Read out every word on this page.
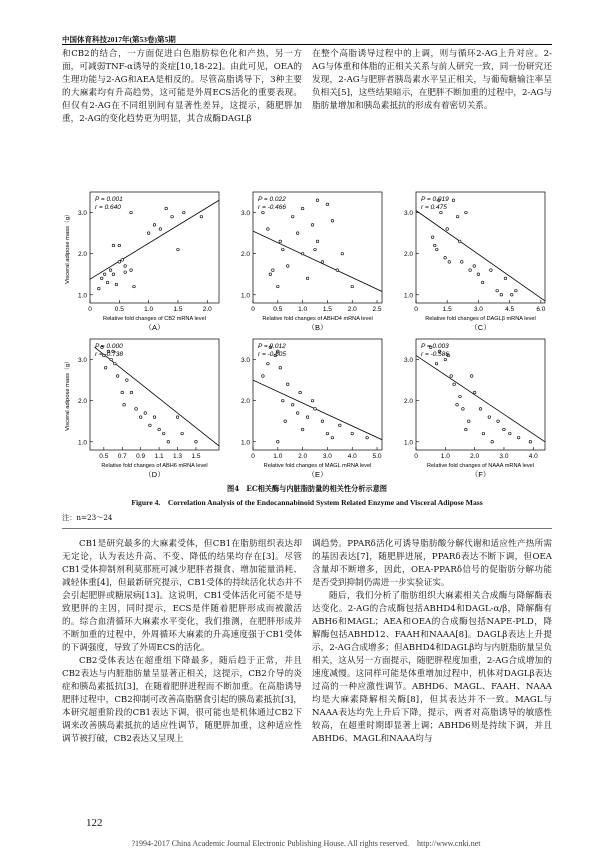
中国体育科技2017年(第53卷)第5期

和CB2的结合，一方面促进白色脂肪棕色化和产热，另一方面，可减弱TNF-α诱导的炎症[10,18-22]。由此可见，OEA的生理功能与2-AG和AEA是相反的。尽管高脂诱导下，3种主要的大麻素均有升高趋势，这可能是外周ECS活化的重要表现。但仅有2-AG在不同组别间有显著性差异，这提示，随肥胖加重，2-AG的变化趋势更为明显，其合成酶DAGLβ

在整个高脂诱导过程中的上调，则与循环2-AG上升对应。2-AG与体重和体脂的正相关关系与前人研究一致，同一份研究还发现，2-AG与肥胖者胰岛素水平呈正相关，与葡萄糖输注率呈负相关[5]，这些结果暗示，在肥胖不断加重的过程中，2-AG与脂肪量增加和胰岛素抵抗的形成有着密切关系。

1.0
2.0
3.0
0	0.5	1.0	1.5	2.0
P = 0.001
r = 0.640
Relative fold changes of CB2 mRNA level
（A）
Visceral adipose mass（g）
1.0
2.0
3.0
0	0.5 1.0 1.5 2.0 2.5
P = 0.022
r = -0.466
Relative fold changes of ABHD4 mRNA level
（B）
1.0
2.0
3.0
0	1.5	3.0	4.5	6.0
P = 0.019
r = 0.475
Relative fold changes of DAGLβ mRNA level
（C）
1.0
2.0
3.0
0.5 0.7 0.9 1.1 1.3 1.5
P = 0.000
r = -0.738
Relative fold changes of ABH6 mRNA level
（D）
Visceral adipose mass（g）
1.0
2.0
3.0
0	1.0 2.0 3.0 4.0 5.0
P = 0.012
r = -0.505
Relative fold changes of MAGL mRNA level
（E）
1.0
2.0
3.0
0	1.0	2.0	3.0	4.0
P = 0.003
r = -0.586
Relative fold changes of NAAA mRNA level
（F）
图4　EC相关酶与内脏脂肪量的相关性分析示意图
Figure 4.　Correlation Analysis of the Endocannabinoid System Related Enzyme and Visceral Adipose Mass
注：n=23～24

CB1是研究最多的大麻素受体，但CB1在脂肪组织表达却无定论，认为表达升高、不变、降低的结果均存在[3]。尽管CB1受体抑制剂利莫那班可减少肥胖者摄食、增加能量消耗、减轻体重[4]，但最新研究提示，CB1受体的持续活化状态并不会引起肥胖或糖尿病[13]。这说明，CB1受体活化可能不是导致肥胖的主因，同时提示，ECS是伴随着肥胖形成而被激活的。综合血清循环大麻素水平变化，我们推测，在肥胖形成并不断加重的过程中，外周循环大麻素的升高速度强于CB1受体的下调强度，导致了外周ECS的活化。

CB2受体表达在超重组下降最多，随后趋于正常，并且CB2表达与内脏脂肪量呈显著正相关，这提示，CB2介导的炎症和胰岛素抵抗[3]，在随着肥胖进程而不断加重。在高脂诱导肥胖过程中，CB2抑制可改善高脂膳食引起的胰岛素抵抗[3]，本研究超重阶段的CB1表达下调，很可能也是机体通过CB2下调来改善胰岛素抵抗的适应性调节，随肥胖加重，这种适应性调节被打破，CB2表达又呈现上

调趋势。PPARδ活化可诱导脂肪酸分解代谢和适应性产热所需的基因表达[7]，随肥胖进展，PPARδ表达不断下调，但OEA含量却不断增多，因此，OEA-PPARδ信号的促脂肪分解功能是否受到抑制仍需进一步实验证实。

随后，我们分析了脂肪组织大麻素相关合成酶与降解酶表达变化。2-AG的合成酶包括ABHD4和DAGL-α/β，降解酶有ABH6和MAGL；AEA和OEA的合成酶包括NAPE-PLD，降解酶包括ABHD12、FAAH和NAAA[8]。DAGLβ表达上升提示，2-AG合成增多；但ABHD4和DAGLβ均与内脏脂肪量呈负相关，这从另一方面提示，随肥胖程度加重，2-AG合成增加的速度减慢。这同样可能是体重增加过程中，机体对DAGLβ表达过高的一种应激性调节。ABHD6、MAGL、FAAH、NAAA均是大麻素降解相关酶[8]，但其表达并不一致。MAGL与NAAA表达均先上升后下降，提示，两者对高脂诱导的敏感性较高，在超重时期即显著上调；ABHD6则是持续下调，并且ABHD6、MAGL和NAAA均与

122
?1994-2017 China Academic Journal Electronic Publishing House. All rights reserved.　http://www.cnki.net
